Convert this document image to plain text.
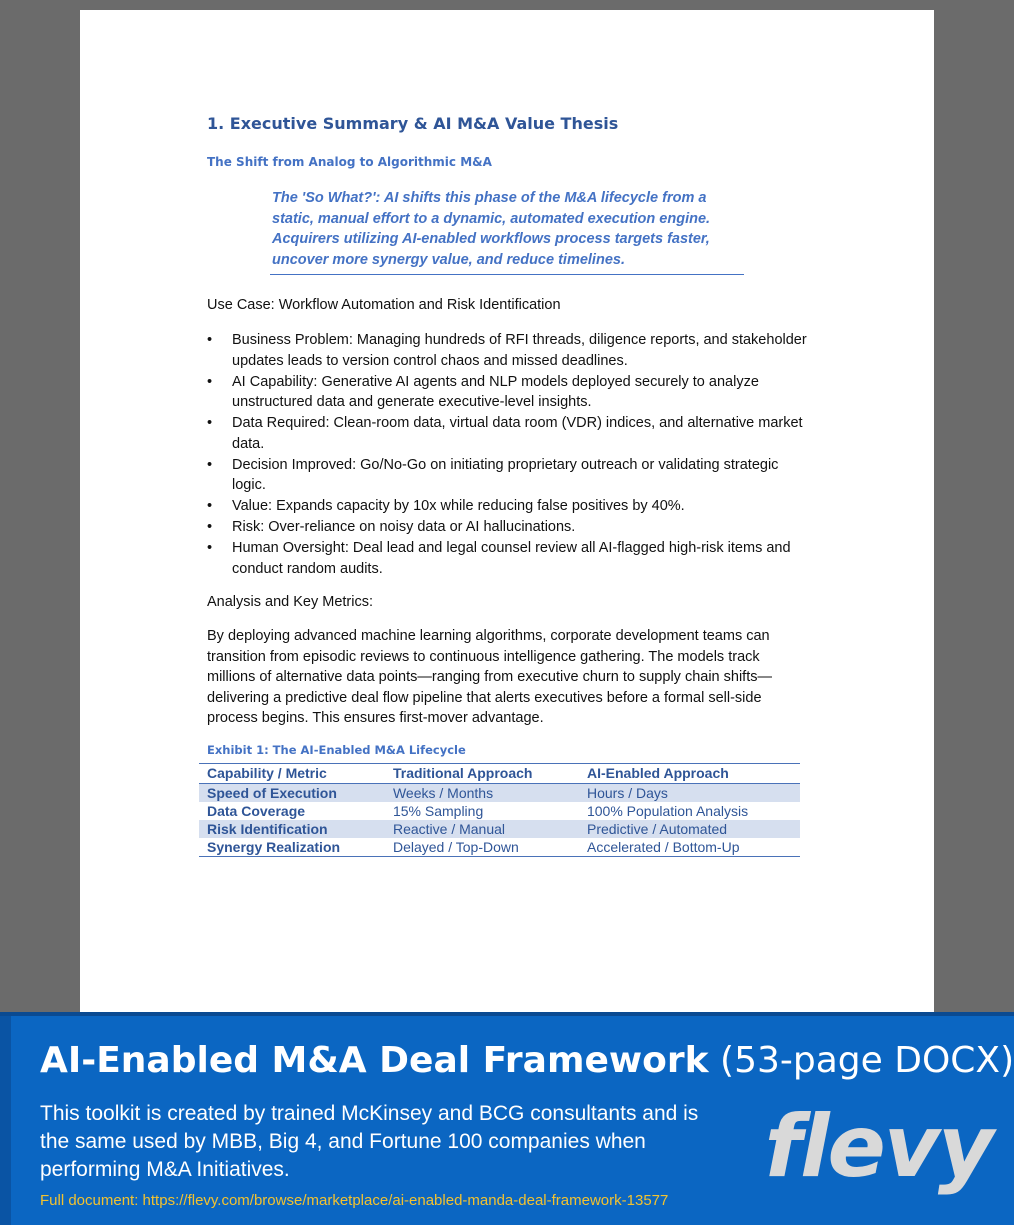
1. Executive Summary & AI M&A Value Thesis
The Shift from Analog to Algorithmic M&A
The 'So What?': AI shifts this phase of the M&A lifecycle from a static, manual effort to a dynamic, automated execution engine. Acquirers utilizing AI-enabled workflows process targets faster, uncover more synergy value, and reduce timelines.
Use Case: Workflow Automation and Risk Identification
• Business Problem: Managing hundreds of RFI threads, diligence reports, and stakeholder updates leads to version control chaos and missed deadlines.
• AI Capability: Generative AI agents and NLP models deployed securely to analyze unstructured data and generate executive-level insights.
• Data Required: Clean-room data, virtual data room (VDR) indices, and alternative market data.
• Decision Improved: Go/No-Go on initiating proprietary outreach or validating strategic logic.
• Value: Expands capacity by 10x while reducing false positives by 40%.
• Risk: Over-reliance on noisy data or AI hallucinations.
• Human Oversight: Deal lead and legal counsel review all AI-flagged high-risk items and conduct random audits.
Analysis and Key Metrics:
By deploying advanced machine learning algorithms, corporate development teams can transition from episodic reviews to continuous intelligence gathering. The models track millions of alternative data points—ranging from executive churn to supply chain shifts—delivering a predictive deal flow pipeline that alerts executives before a formal sell-side process begins. This ensures first-mover advantage.
Exhibit 1: The AI-Enabled M&A Lifecycle
Capability / Metric	Traditional Approach	AI-Enabled Approach
Speed of Execution	Weeks / Months	Hours / Days
Data Coverage	15% Sampling	100% Population Analysis
Risk Identification	Reactive / Manual	Predictive / Automated
Synergy Realization	Delayed / Top-Down	Accelerated / Bottom-Up
AI-Enabled M&A Deal Framework (53-page DOCX)
This toolkit is created by trained McKinsey and BCG consultants and is the same used by MBB, Big 4, and Fortune 100 companies when performing M&A Initiatives.
Full document: https://flevy.com/browse/marketplace/ai-enabled-manda-deal-framework-13577
flevy
